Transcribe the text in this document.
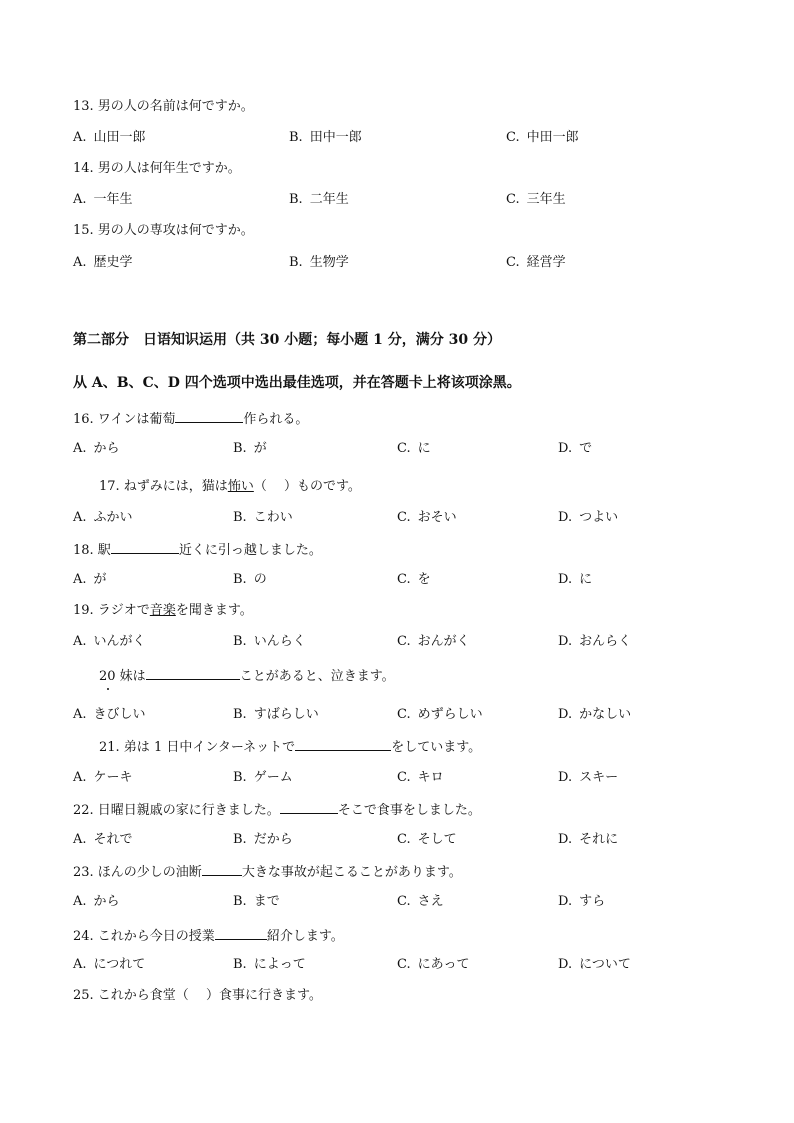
13. 男の人の名前は何ですか。
A. 山田一郎	B. 田中一郎	C. 中田一郎
14. 男の人は何年生ですか。
A. 一年生	B. 二年生	C. 三年生
15. 男の人の専攻は何ですか。
A. 歴史学	B. 生物学	C. 経営学
第二部分　日语知识运用（共 30 小题；每小题 1 分，满分 30 分）
从 A、B、C、D 四个选项中选出最佳选项，并在答题卡上将该项涂黑。
16. ワインは葡萄	作られる。
A. から	B. が	C. に	D. で
17. ねずみには，猫は怖い（　 ）ものです。
A. ふかい	B. こわい	C. おそい	D. つよい
18. 駅	近くに引っ越しました。
A. が	B. の	C. を	D. に
19. ラジオで音楽を聞きます。
A. いんがく	B. いんらく	C. おんがく	D. おんらく
20 妹は	ことがあると、泣きます。
A. きびしい	B. すばらしい	C. めずらしい	D. かなしい
21. 弟は 1 日中インターネットで	をしています。
A. ケーキ	B. ゲーム	C. キロ	D. スキー
22. 日曜日親戚の家に行きました。	そこで食事をしました。
A. それで	B. だから	C. そして	D. それに
23. ほんの少しの油断	大きな事故が起こることがあります。
A. から	B. まで	C. さえ	D. すら
24. これから今日の授業	紹介します。
A. につれて	B. によって	C. にあって	D. について
25. これから食堂（　 ）食事に行きます。
